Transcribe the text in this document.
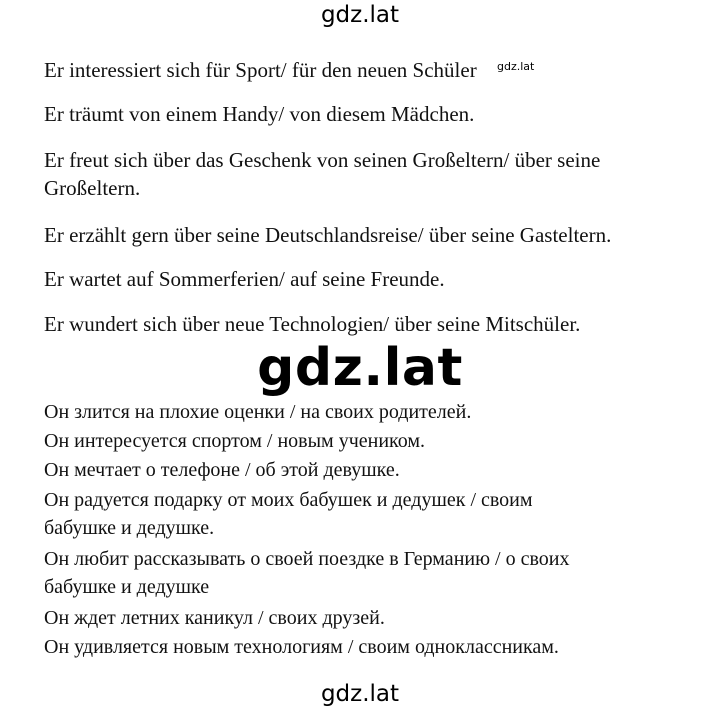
gdz.lat
Er interessiert sich für Sport/ für den neuen Schüler	gdz.lat
Er träumt von einem Handy/ von diesem Mädchen.
Er freut sich über das Geschenk von seinen Großeltern/ über seine Großeltern.
Er erzählt gern über seine Deutschlandsreise/ über seine Gasteltern.
Er wartet auf Sommerferien/ auf seine Freunde.
Er wundert sich über neue Technologien/ über seine Mitschüler.
gdz.lat
Он злится на плохие оценки / на своих родителей.
Он интересуется спортом / новым учеником.
Он мечтает о телефоне / об этой девушке.
Он радуется подарку от моих бабушек и дедушек / своим бабушке и дедушке.
Он любит рассказывать о своей поездке в Германию / о своих бабушке и дедушке
Он ждет летних каникул / своих друзей.
Он удивляется новым технологиям / своим одноклассникам.
gdz.lat
